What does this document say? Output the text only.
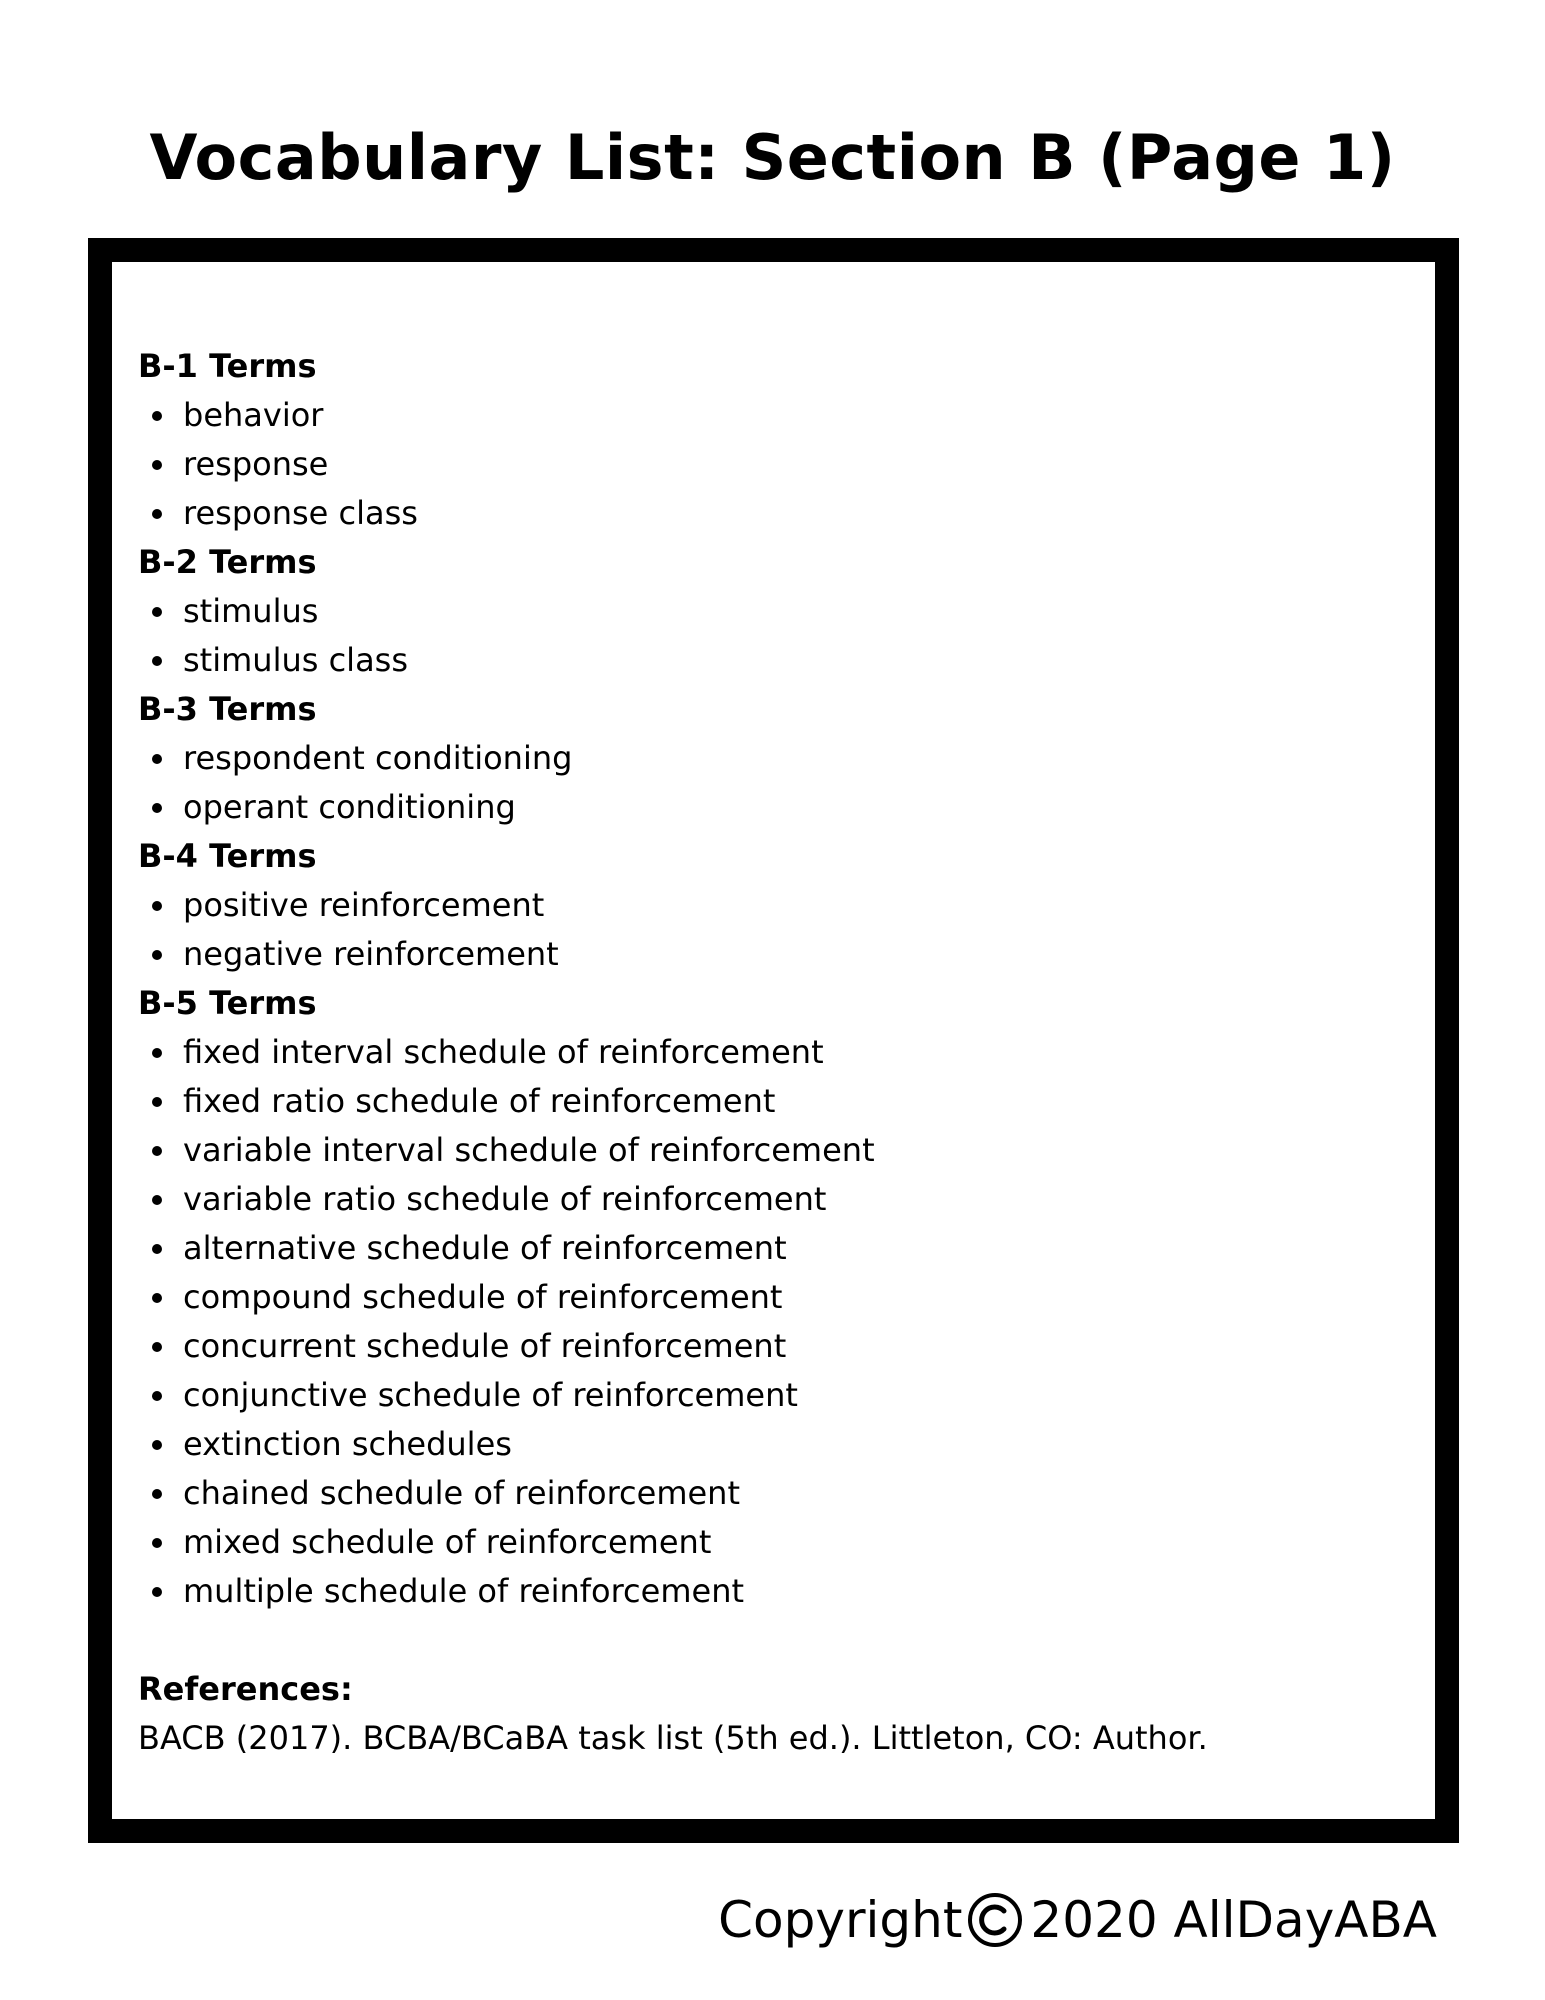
Vocabulary List: Section B (Page 1)
B-1 Terms
behavior
response
response class
B-2 Terms
stimulus
stimulus class
B-3 Terms
respondent conditioning
operant conditioning
B-4 Terms
positive reinforcement
negative reinforcement
B-5 Terms
fixed interval schedule of reinforcement
fixed ratio schedule of reinforcement
variable interval schedule of reinforcement
variable ratio schedule of reinforcement
alternative schedule of reinforcement
compound schedule of reinforcement
concurrent schedule of reinforcement
conjunctive schedule of reinforcement
extinction schedules
chained schedule of reinforcement
mixed schedule of reinforcement
multiple schedule of reinforcement
References:
BACB (2017). BCBA/BCaBA task list (5th ed.). Littleton, CO: Author.
Copyright 2020 AllDayABA
